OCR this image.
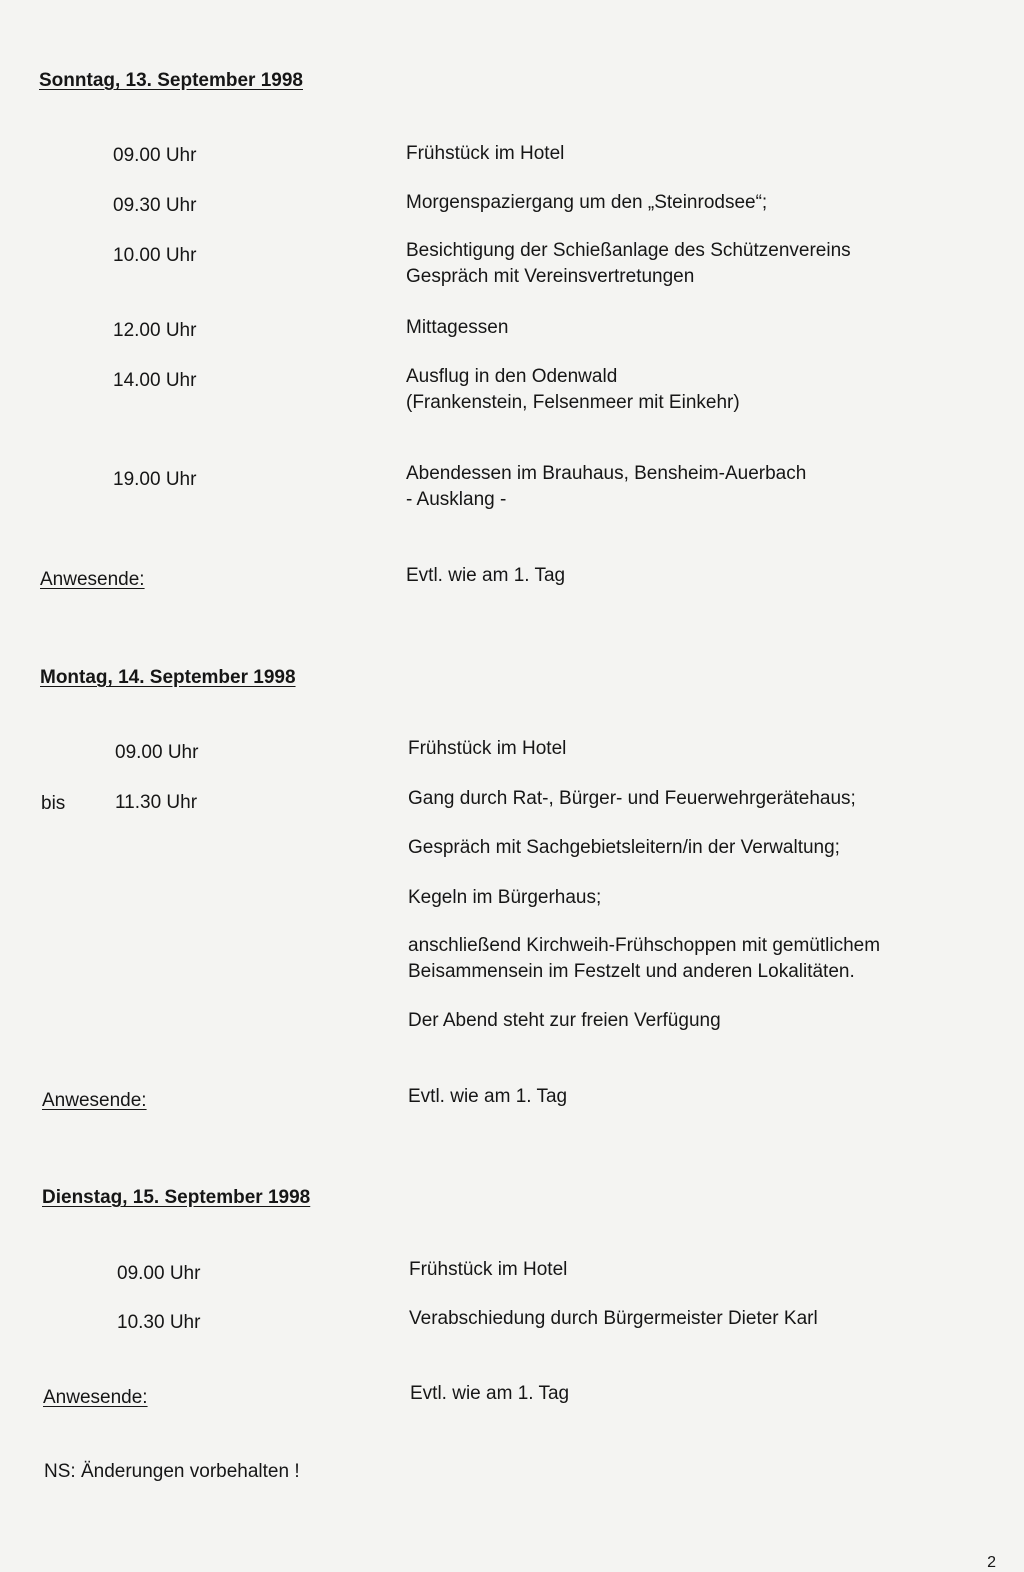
Sonntag, 13. September 1998
09.00 Uhr	Frühstück im Hotel
09.30 Uhr	Morgenspaziergang um den „Steinrodsee“;
10.00 Uhr	Besichtigung der Schießanlage des Schützenvereins
Gespräch mit Vereinsvertretungen
12.00 Uhr	Mittagessen
14.00 Uhr	Ausflug in den Odenwald
(Frankenstein, Felsenmeer mit Einkehr)
19.00 Uhr	Abendessen im Brauhaus, Bensheim-Auerbach
- Ausklang -
Anwesende:	Evtl. wie am 1. Tag
Montag, 14. September 1998
09.00 Uhr	Frühstück im Hotel
bis	11.30 Uhr	Gang durch Rat-, Bürger- und Feuerwehrgerätehaus;
Gespräch mit Sachgebietsleitern/in der Verwaltung;
Kegeln im Bürgerhaus;
anschließend Kirchweih-Frühschoppen mit gemütlichem
Beisammensein im Festzelt und anderen Lokalitäten.
Der Abend steht zur freien Verfügung
Anwesende:	Evtl. wie am 1. Tag
Dienstag, 15. September 1998
09.00 Uhr	Frühstück im Hotel
10.30 Uhr	Verabschiedung durch Bürgermeister Dieter Karl
Anwesende:	Evtl. wie am 1. Tag
NS: Änderungen vorbehalten !
2
